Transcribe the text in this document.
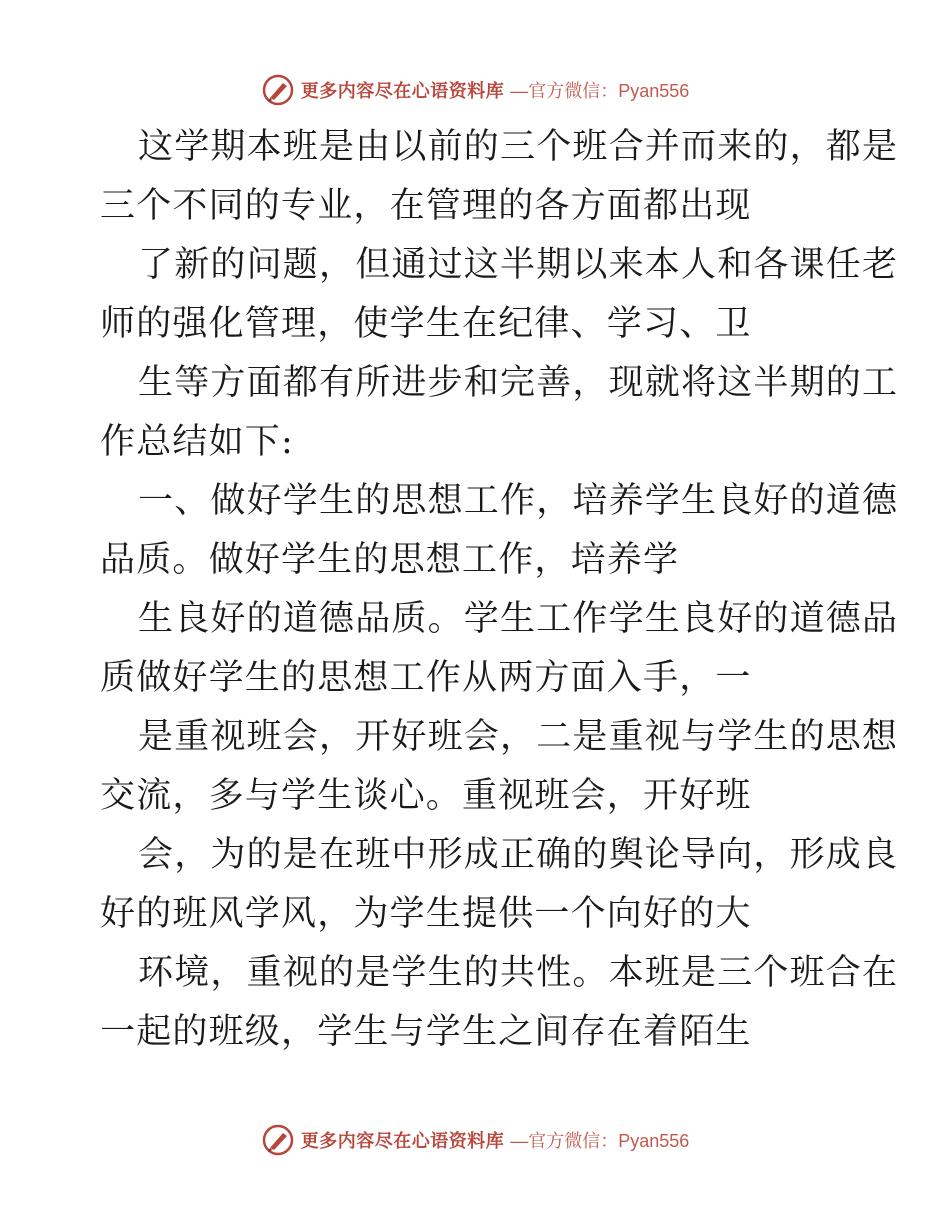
更多内容尽在心语资料库 —官方微信：Pyan556

这学期本班是由以前的三个班合并而来的，都是
三个不同的专业，在管理的各方面都出现

了新的问题，但通过这半期以来本人和各课任老
师的强化管理，使学生在纪律、学习、卫

生等方面都有所进步和完善，现就将这半期的工
作总结如下:

一、做好学生的思想工作，培养学生良好的道德
品质。做好学生的思想工作，培养学

生良好的道德品质。学生工作学生良好的道德品
质做好学生的思想工作从两方面入手，一

是重视班会，开好班会，二是重视与学生的思想
交流，多与学生谈心。重视班会，开好班

会，为的是在班中形成正确的舆论导向，形成良
好的班风学风，为学生提供一个向好的大

环境，重视的是学生的共性。本班是三个班合在
一起的班级，学生与学生之间存在着陌生

更多内容尽在心语资料库 —官方微信：Pyan556
